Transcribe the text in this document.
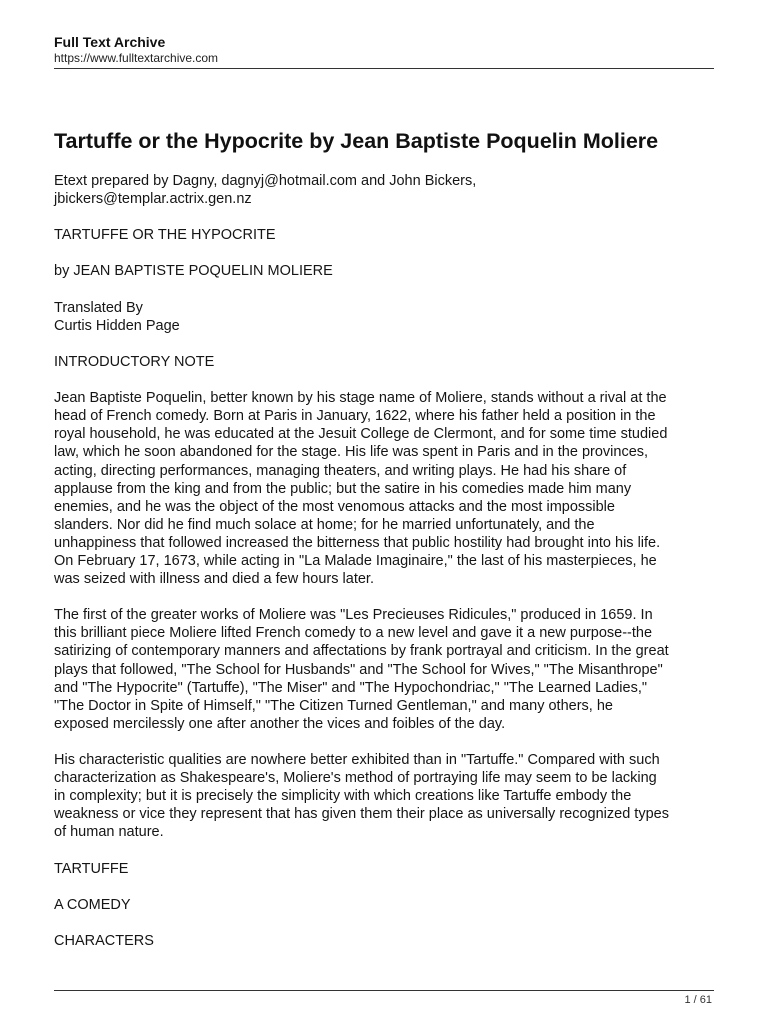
Full Text Archive
https://www.fulltextarchive.com
Tartuffe or the Hypocrite by Jean Baptiste Poquelin Moliere

Etext prepared by Dagny, dagnyj@hotmail.com and John Bickers,
jbickers@templar.actrix.gen.nz

TARTUFFE OR THE HYPOCRITE

by JEAN BAPTISTE POQUELIN MOLIERE

Translated By
Curtis Hidden Page

INTRODUCTORY NOTE

Jean Baptiste Poquelin, better known by his stage name of Moliere, stands without a rival at the
head of French comedy. Born at Paris in January, 1622, where his father held a position in the
royal household, he was educated at the Jesuit College de Clermont, and for some time studied
law, which he soon abandoned for the stage. His life was spent in Paris and in the provinces,
acting, directing performances, managing theaters, and writing plays. He had his share of
applause from the king and from the public; but the satire in his comedies made him many
enemies, and he was the object of the most venomous attacks and the most impossible
slanders. Nor did he find much solace at home; for he married unfortunately, and the
unhappiness that followed increased the bitterness that public hostility had brought into his life.
On February 17, 1673, while acting in "La Malade Imaginaire," the last of his masterpieces, he
was seized with illness and died a few hours later.

The first of the greater works of Moliere was "Les Precieuses Ridicules," produced in 1659. In
this brilliant piece Moliere lifted French comedy to a new level and gave it a new purpose--the
satirizing of contemporary manners and affectations by frank portrayal and criticism. In the great
plays that followed, "The School for Husbands" and "The School for Wives," "The Misanthrope"
and "The Hypocrite" (Tartuffe), "The Miser" and "The Hypochondriac," "The Learned Ladies,"
"The Doctor in Spite of Himself," "The Citizen Turned Gentleman," and many others, he
exposed mercilessly one after another the vices and foibles of the day.

His characteristic qualities are nowhere better exhibited than in "Tartuffe." Compared with such
characterization as Shakespeare's, Moliere's method of portraying life may seem to be lacking
in complexity; but it is precisely the simplicity with which creations like Tartuffe embody the
weakness or vice they represent that has given them their place as universally recognized types
of human nature.

TARTUFFE

A COMEDY

CHARACTERS

1 / 61
